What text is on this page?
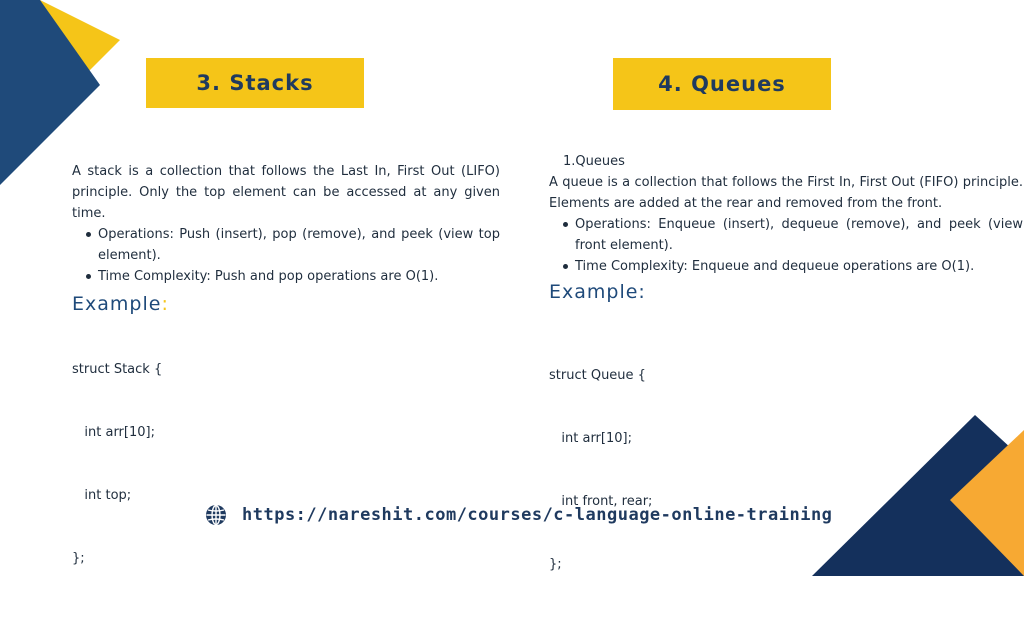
3. Stacks	4. Queues

A stack is a collection that follows the Last In, First Out (LIFO) principle. Only the top element can be accessed at any given time.

Operations: Push (insert), pop (remove), and peek (view top element).
Time Complexity: Push and pop operations are O(1).
Example:

struct Stack {

int arr[10];

int top;

};

1.Queues

A queue is a collection that follows the First In, First Out (FIFO) principle. Elements are added at the rear and removed from the front.

Operations: Enqueue (insert), dequeue (remove), and peek (view front element).
Time Complexity: Enqueue and dequeue operations are O(1).
Example:

struct Queue {

int arr[10];

int front, rear;

};

https://nareshit.com/courses/c-language-online-training
